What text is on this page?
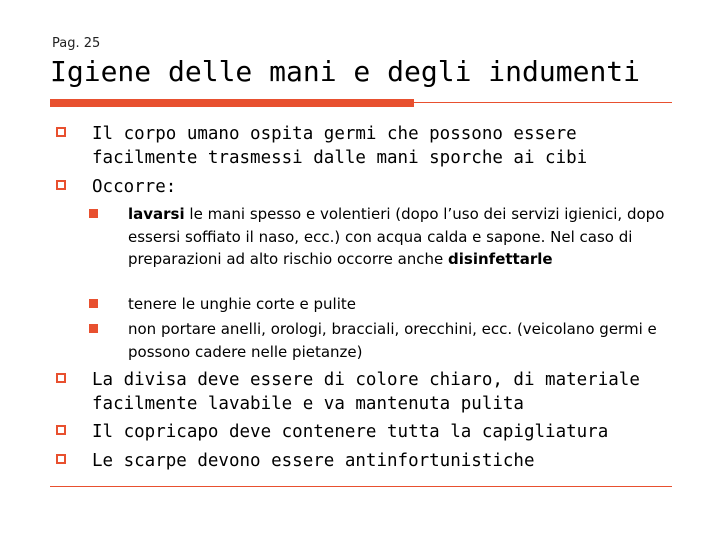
Pag. 25
Igiene delle mani e degli indumenti
Il corpo umano ospita germi che possono essere facilmente trasmessi dalle mani sporche ai cibi
Occorre:
lavarsi le mani spesso e volentieri (dopo l’uso dei servizi igienici, dopo essersi soffiato il naso, ecc.) con acqua calda e sapone. Nel caso di preparazioni ad alto rischio occorre anche disinfettarle
tenere le unghie corte e pulite
non portare anelli, orologi, bracciali, orecchini, ecc. (veicolano germi e possono cadere nelle pietanze)
La divisa deve essere di colore chiaro, di materiale facilmente lavabile e va mantenuta pulita
Il copricapo deve contenere tutta la capigliatura
Le scarpe devono essere antinfortunistiche
